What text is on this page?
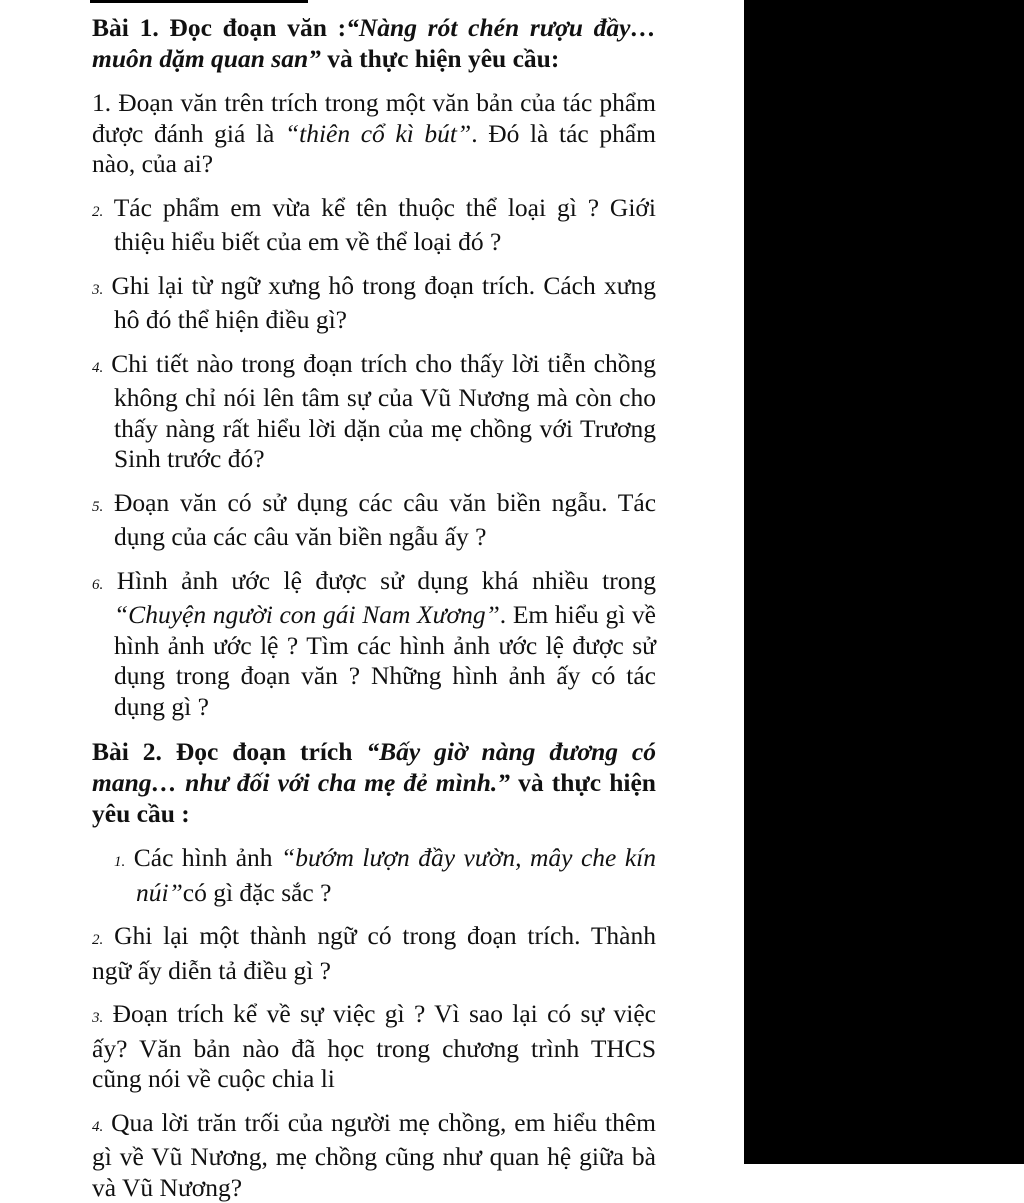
Bài 1. Đọc đoạn văn :“Nàng rót chén rượu đầy… muôn dặm quan san” và thực hiện yêu cầu:

1. Đoạn văn trên trích trong một văn bản của tác phẩm được đánh giá là “thiên cổ kì bút”. Đó là tác phẩm nào, của ai?

2. Tác phẩm em vừa kể tên thuộc thể loại gì ? Giới thiệu hiểu biết của em về thể loại đó ?

3. Ghi lại từ ngữ xưng hô trong đoạn trích. Cách xưng hô đó thể hiện điều gì?

4. Chi tiết nào trong đoạn trích cho thấy lời tiễn chồng không chỉ nói lên tâm sự của Vũ Nương mà còn cho thấy nàng rất hiểu lời dặn của mẹ chồng với Trương Sinh trước đó?

5. Đoạn văn có sử dụng các câu văn biền ngẫu. Tác dụng của các câu văn biền ngẫu ấy ?

6. Hình ảnh ước lệ được sử dụng khá nhiều trong “Chuyện người con gái Nam Xương”. Em hiểu gì về hình ảnh ước lệ ? Tìm các hình ảnh ước lệ được sử dụng trong đoạn văn ? Những hình ảnh ấy có tác dụng gì ?

Bài 2. Đọc đoạn trích “Bấy giờ nàng đương có mang… như đối với cha mẹ đẻ mình.” và thực hiện yêu cầu :

1. Các hình ảnh “bướm lượn đầy vườn, mây che kín núi”có gì đặc sắc ?

2. Ghi lại một thành ngữ có trong đoạn trích. Thành ngữ ấy diễn tả điều gì ?

3. Đoạn trích kể về sự việc gì ? Vì sao lại có sự việc ấy? Văn bản nào đã học trong chương trình THCS cũng nói về cuộc chia li

4. Qua lời trăn trối của người mẹ chồng, em hiểu thêm gì về Vũ Nương, mẹ chồng cũng như quan hệ giữa bà và Vũ Nương?
